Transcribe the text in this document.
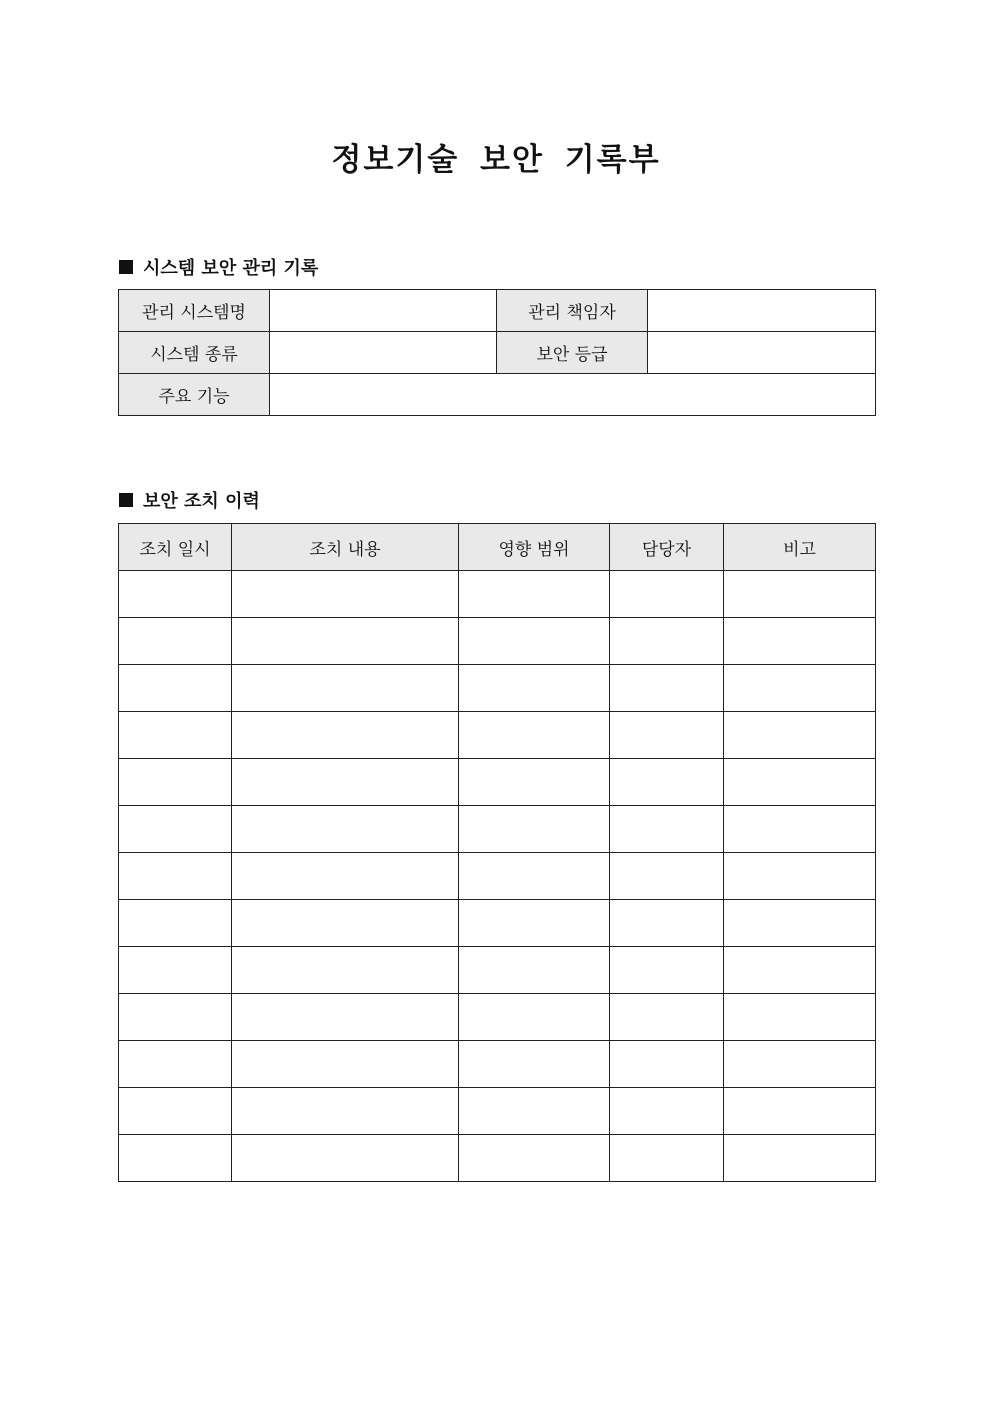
정보기술 보안 기록부
시스템 보안 관리 기록
관리 시스템명		관리 책임자	
시스템 종류		보안 등급	
주요 기능			
보안 조치 이력
조치 일시	조치 내용	영향 범위	담당자	비고
